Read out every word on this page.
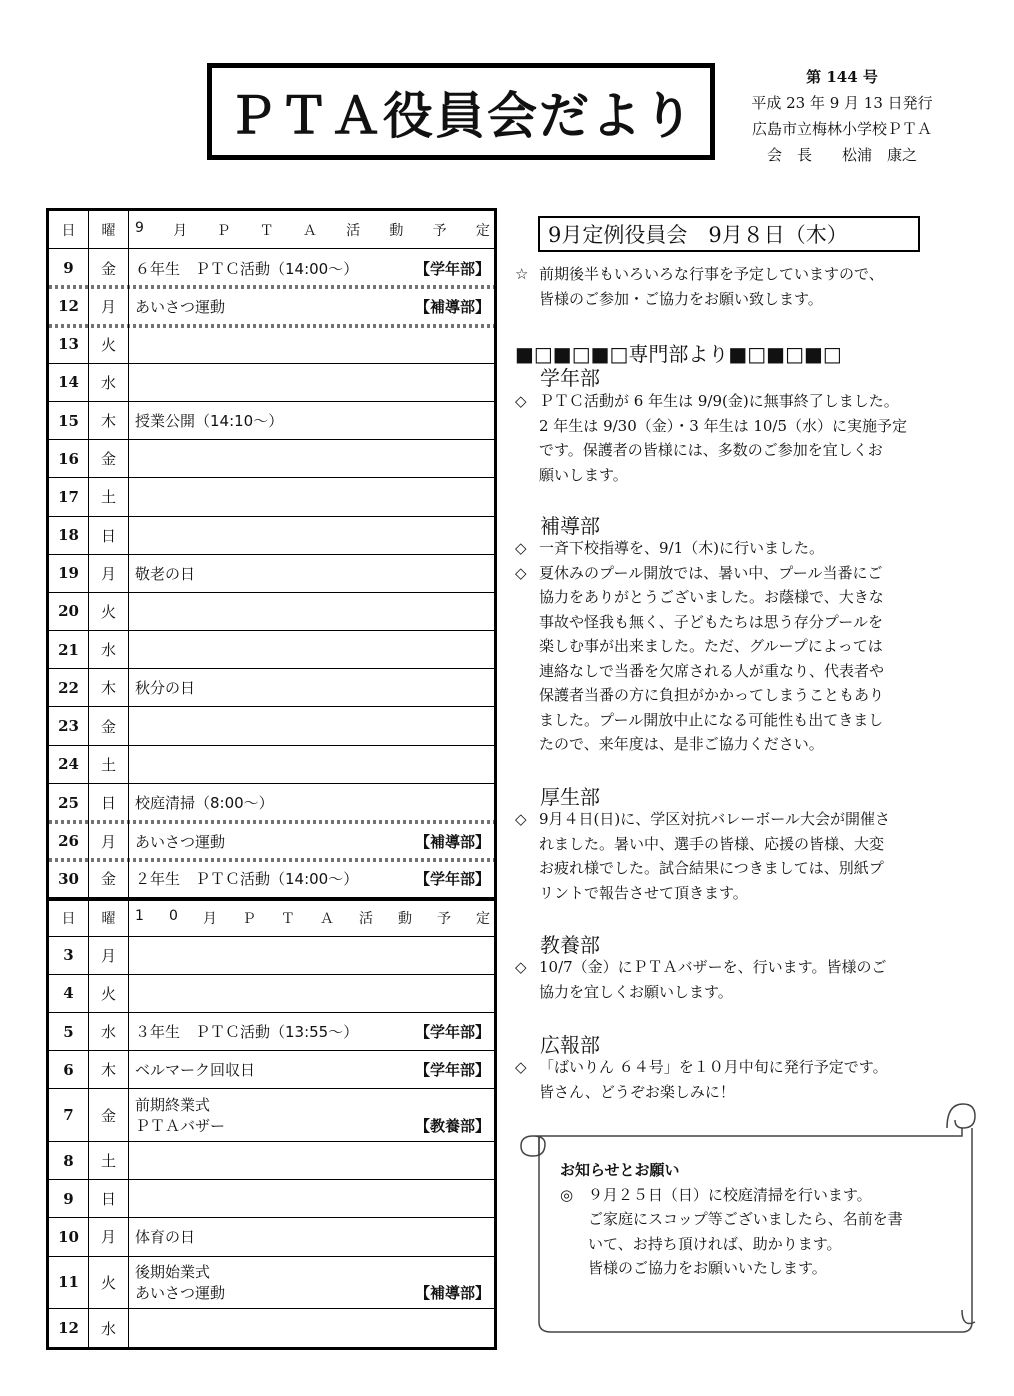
ＰＴＡ役員会だより
第 144 号
平成 23 年 9 月 13 日発行
広島市立梅林小学校ＰＴＡ
会　長　　松浦　康之
日	曜	9 月 Ｐ Ｔ Ａ 活 動 予 定
9	金	６年生　ＰＴＣ活動（14:00～）	【学年部】
12	月	あいさつ運動	【補導部】
13	火
14	水
15	木	授業公開（14:10～）
16	金
17	土
18	日
19	月	敬老の日
20	火
21	水
22	木	秋分の日
23	金
24	土
25	日	校庭清掃（8:00～）
26	月	あいさつ運動	【補導部】
30	金	２年生　ＰＴＣ活動（14:00～）	【学年部】
日	曜	1 0 月 Ｐ Ｔ Ａ 活 動 予 定
3	月
4	火
5	水	３年生　ＰＴＣ活動（13:55～）	【学年部】
6	木	ベルマーク回収日	【学年部】
7	金
前期終業式
ＰＴＡバザー	【教養部】
8	土
9	日
10	月	体育の日
11	火
後期始業式
あいさつ運動	【補導部】
12	水
9月定例役員会　9月８日（木）
☆ 前期後半もいろいろな行事を予定していますので、
皆様のご参加・ご協力をお願い致します。
■□■□■□専門部より■□■□■□
学年部
◇ ＰＴＣ活動が 6 年生は 9/9(金)に無事終了しました。
2 年生は 9/30（金）・3 年生は 10/5（水）に実施予定
です。保護者の皆様には、多数のご参加を宜しくお
願いします。
補導部
◇ 一斉下校指導を、9/1（木)に行いました。
◇ 夏休みのプール開放では、暑い中、プール当番にご
協力をありがとうございました。お蔭様で、大きな
事故や怪我も無く、子どもたちは思う存分プールを
楽しむ事が出来ました。ただ、グループによっては
連絡なしで当番を欠席される人が重なり、代表者や
保護者当番の方に負担がかかってしまうこともあり
ました。プール開放中止になる可能性も出てきまし
たので、来年度は、是非ご協力ください。
厚生部
◇ 9月４日(日)に、学区対抗バレーボール大会が開催さ
れました。暑い中、選手の皆様、応援の皆様、大変
お疲れ様でした。試合結果につきましては、別紙プ
リントで報告させて頂きます。
教養部
◇ 10/7（金）にＰＴＡバザーを、行います。皆様のご
協力を宜しくお願いします。
広報部
◇ 「ばいりん ６４号」を１０月中旬に発行予定です。
皆さん、どうぞお楽しみに！
お知らせとお願い
◎ ９月２５日（日）に校庭清掃を行います。
ご家庭にスコップ等ございましたら、名前を書
いて、お持ち頂ければ、助かります。
皆様のご協力をお願いいたします。
